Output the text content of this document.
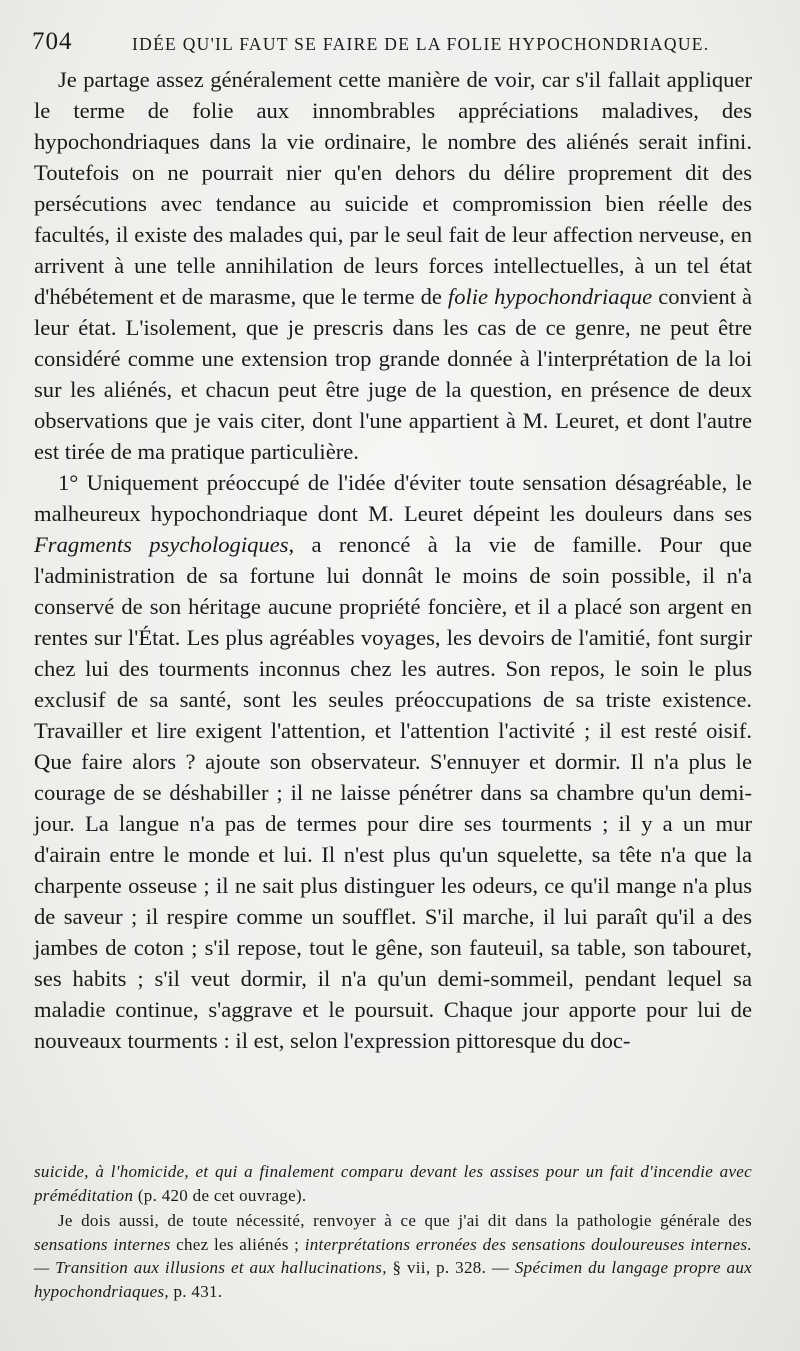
704	IDÉE QU'IL FAUT SE FAIRE DE LA FOLIE HYPOCHONDRIAQUE.

Je partage assez généralement cette manière de voir, car s'il fallait appliquer le terme de folie aux innombrables appréciations maladives, des hypochondriaques dans la vie ordinaire, le nombre des aliénés serait infini. Toutefois on ne pourrait nier qu'en dehors du délire proprement dit des persécutions avec tendance au suicide et compromission bien réelle des facultés, il existe des malades qui, par le seul fait de leur affection nerveuse, en arrivent à une telle annihilation de leurs forces intellectuelles, à un tel état d'hébétement et de marasme, que le terme de folie hypochondriaque convient à leur état. L'isolement, que je prescris dans les cas de ce genre, ne peut être considéré comme une extension trop grande donnée à l'interprétation de la loi sur les aliénés, et chacun peut être juge de la question, en présence de deux observations que je vais citer, dont l'une appartient à M. Leuret, et dont l'autre est tirée de ma pratique particulière.

1° Uniquement préoccupé de l'idée d'éviter toute sensation désagréable, le malheureux hypochondriaque dont M. Leuret dépeint les douleurs dans ses Fragments psychologiques, a renoncé à la vie de famille. Pour que l'administration de sa fortune lui donnât le moins de soin possible, il n'a conservé de son héritage aucune propriété foncière, et il a placé son argent en rentes sur l'État. Les plus agréables voyages, les devoirs de l'amitié, font surgir chez lui des tourments inconnus chez les autres. Son repos, le soin le plus exclusif de sa santé, sont les seules préoccupations de sa triste existence. Travailler et lire exigent l'attention, et l'attention l'activité ; il est resté oisif. Que faire alors ? ajoute son observateur. S'ennuyer et dormir. Il n'a plus le courage de se déshabiller ; il ne laisse pénétrer dans sa chambre qu'un demi-jour. La langue n'a pas de termes pour dire ses tourments ; il y a un mur d'airain entre le monde et lui. Il n'est plus qu'un squelette, sa tête n'a que la charpente osseuse ; il ne sait plus distinguer les odeurs, ce qu'il mange n'a plus de saveur ; il respire comme un soufflet. S'il marche, il lui paraît qu'il a des jambes de coton ; s'il repose, tout le gêne, son fauteuil, sa table, son tabouret, ses habits ; s'il veut dormir, il n'a qu'un demi-sommeil, pendant lequel sa maladie continue, s'aggrave et le poursuit. Chaque jour apporte pour lui de nouveaux tourments : il est, selon l'expression pittoresque du doc-

suicide, à l'homicide, et qui a finalement comparu devant les assises pour un fait d'incendie avec préméditation (p. 420 de cet ouvrage).

Je dois aussi, de toute nécessité, renvoyer à ce que j'ai dit dans la pathologie générale des sensations internes chez les aliénés ; interprétations erronées des sensations douloureuses internes. — Transition aux illusions et aux hallucinations, § vii, p. 328. — Spécimen du langage propre aux hypochondriaques, p. 431.
